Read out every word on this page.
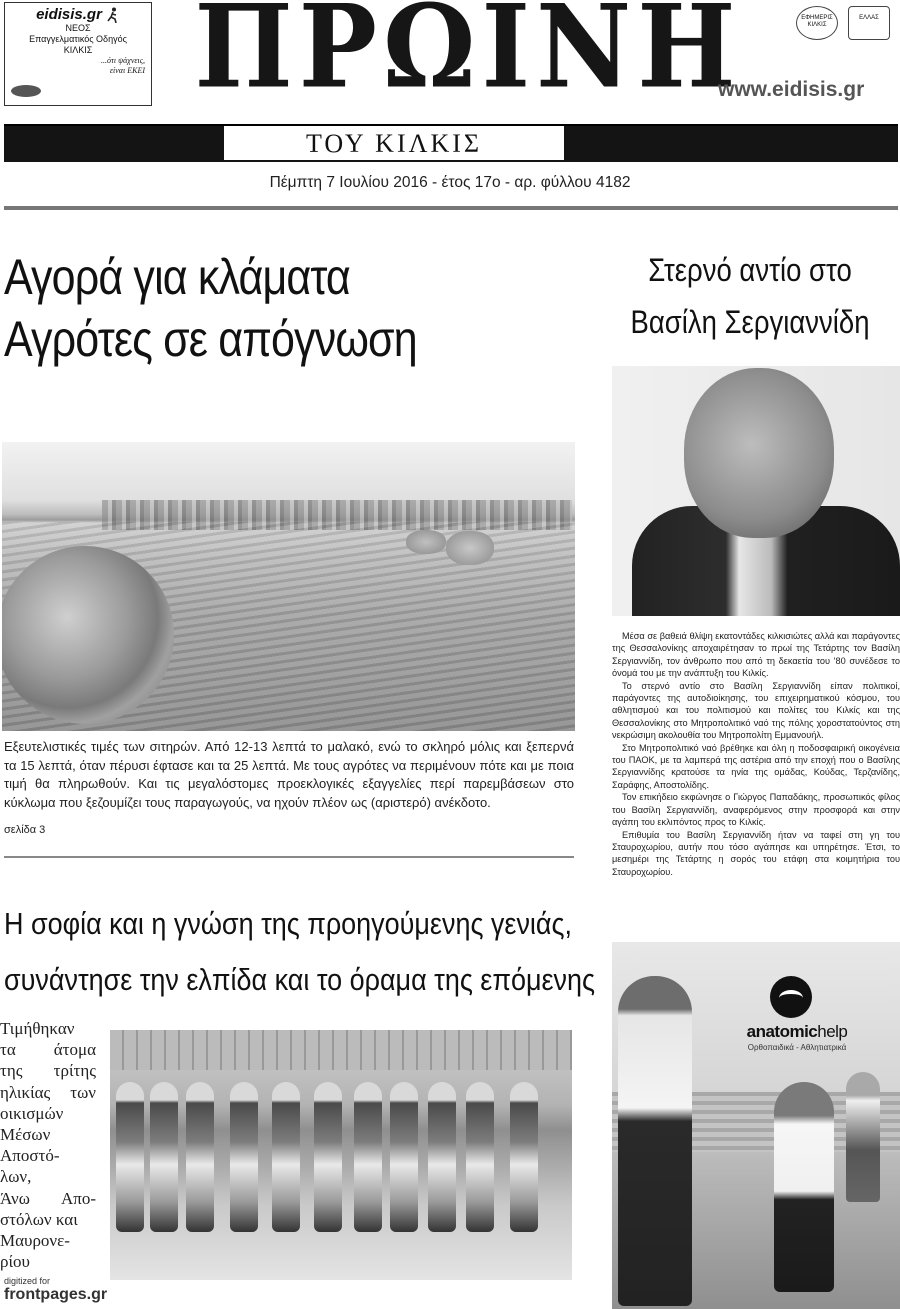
eidisis.gr
ΝΕΟΣ
Επαγγελματικός Οδηγός
ΚΙΛΚΙΣ
...ότι ψάχνεις,
είναι ΕΚΕΙ ΠΡΩΙΝΗ	ΕΦΗΜΕΡΙΣ ΚΙΛΚΙΣ
ΕΛΛΑΣ
www.eidisis.gr
ΤΟΥ ΚΙΛΚΙΣ
Πέμπτη 7 Ιουλίου 2016 - έτος 17ο - αρ. φύλλου 4182
Αγορά για κλάματα
Αγρότες σε απόγνωση
Εξευτελιστικές τιμές των σιτηρών. Από 12-13 λεπτά το μαλακό, ενώ το σκληρό μόλις και ξεπερνά τα 15 λεπτά, όταν πέρυσι έφτασε και τα 25 λεπτά. Με τους αγρότες να περιμένουν πότε και με ποια τιμή θα πληρωθούν. Και τις μεγαλόστομες προεκλογικές εξαγγελίες περί παρεμβάσεων στο κύκλωμα που ξεζουμίζει τους παραγωγούς, να ηχούν πλέον ως (αριστερό) ανέκδοτο.
σελίδα 3
Η σοφία και η γνώση της προηγούμενης γενιάς,
συνάντησε την ελπίδα και το όραμα της επόμενης
Τιμήθηκαν
τα άτομα
της τρίτης
ηλικίας των
οικισμών
Μέσων
Αποστό-
λων,
Άνω Απο-
στόλων και
Μαυρονε-
ρίου
digitized for
frontpages.gr
Στερνό αντίο στο
Βασίλη Σεργιαννίδη

Μέσα σε βαθειά θλίψη εκατοντάδες κιλκισιώτες αλλά και παράγοντες της Θεσσαλονίκης αποχαιρέτησαν το πρωί της Τετάρτης τον Βασίλη Σεργιαννίδη, τον άνθρωπο που από τη δεκαετία του '80 συνέδεσε το όνομά του με την ανάπτυξη του Κιλκίς.

Το στερνό αντίο στο Βασίλη Σεργιαννίδη είπαν πολιτικοί, παράγοντες της αυτοδιοίκησης, του επιχειρηματικού κόσμου, του αθλητισμού και του πολιτισμού και πολίτες του Κιλκίς και της Θεσσαλονίκης στο Μητροπολιτικό ναό της πόλης χοροστατούντος στη νεκρώσιμη ακολουθία του Μητροπολίτη Εμμανουήλ.

Στο Μητροπολιτικό ναό βρέθηκε και όλη η ποδοσφαιρική οικογένεια του ΠΑΟΚ, με τα λαμπερά της αστέρια από την εποχή που ο Βασίλης Σεργιαννίδης κρατούσε τα ηνία της ομάδας, Κούδας, Τερζανίδης, Σαράφης, Αποστολίδης.

Τον επικήδειο εκφώνησε ο Γιώργος Παπαδάκης, προσωπικός φίλος του Βασίλη Σεργιαννίδη, αναφερόμενος στην προσφορά και στην αγάπη του εκλιπόντος προς το Κιλκίς.

Επιθυμία του Βασίλη Σεργιαννίδη ήταν να ταφεί στη γη του Σταυροχωρίου, αυτήν που τόσο αγάπησε και υπηρέτησε. Έτσι, το μεσημέρι της Τετάρτης η σορός του ετάφη στα κοιμητήρια του Σταυροχωρίου.

anatomichelp
Ορθοπαιδικά - Αθλητιατρικά
